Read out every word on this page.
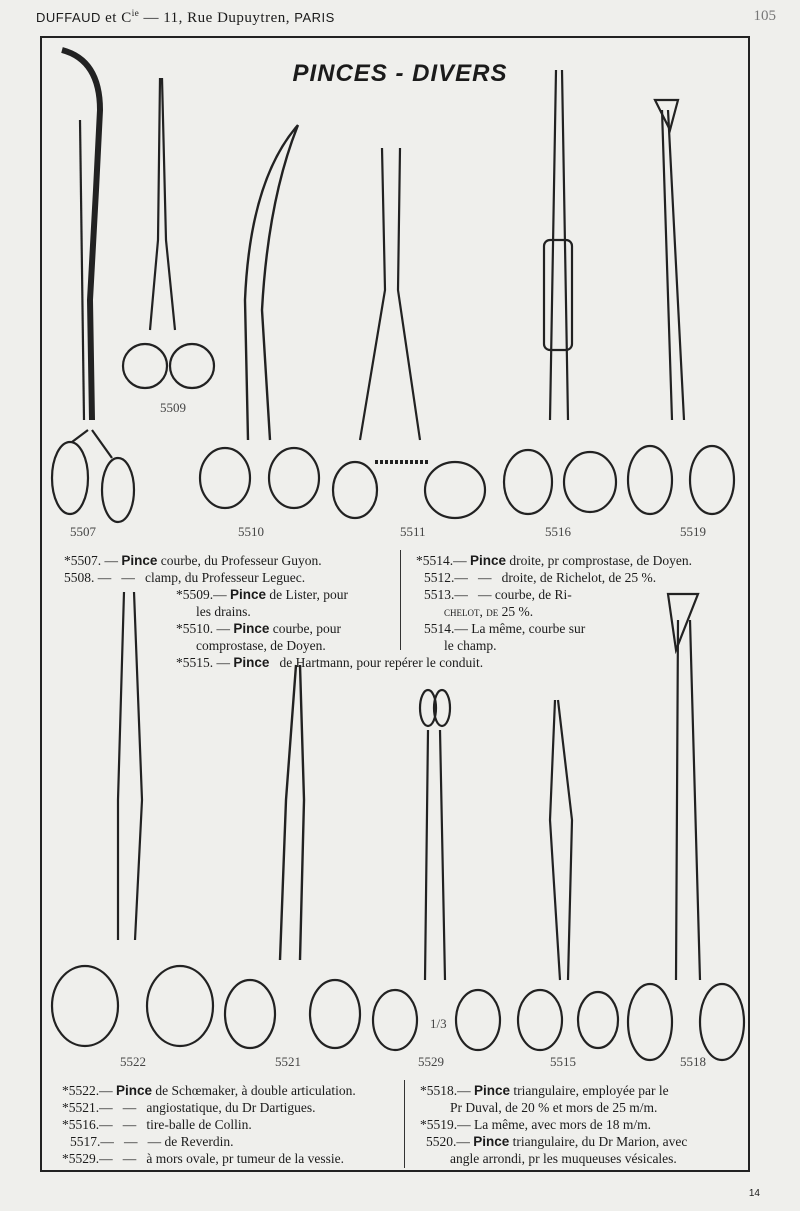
DUFFAUD et $C^{ie}$ — 11, Rue Dupuytren, PARIS	105
PINCES - DIVERS
5509
5507	5510	5511	5516	5519
*5507. — Pince courbe, du Professeur Guyon.
5508. — — clamp, du Professeur Leguec.
*5509.— Pince de Lister, pour
les drains.
*5510. — Pince courbe, pour
comprostase, de Doyen.
*5514.— Pince droite, pr comprostase, de Doyen.
5512.— — droite, de Richelot, de 25 %.
5513.— — courbe, de Ri-
chelot, de 25 %.
5514.— La même, courbe sur
le champ.
*5515. — Pince de Hartmann, pour repérer le conduit.
5522	5521	5529	5515	5518
1/3
*5522.— Pince de Schœmaker, à double articulation.
*5521.— — angiostatique, du Dr Dartigues.
*5516.— — tire-balle de Collin.
5517.— — — de Reverdin.
*5529.— — à mors ovale, pr tumeur de la vessie.
*5518.— Pince triangulaire, employée par le
Pr Duval, de 20 % et mors de 25 m/m.
*5519.— La même, avec mors de 18 m/m.
5520.— Pince triangulaire, du Dr Marion, avec
angle arrondi, pr les muqueuses vésicales.
14
